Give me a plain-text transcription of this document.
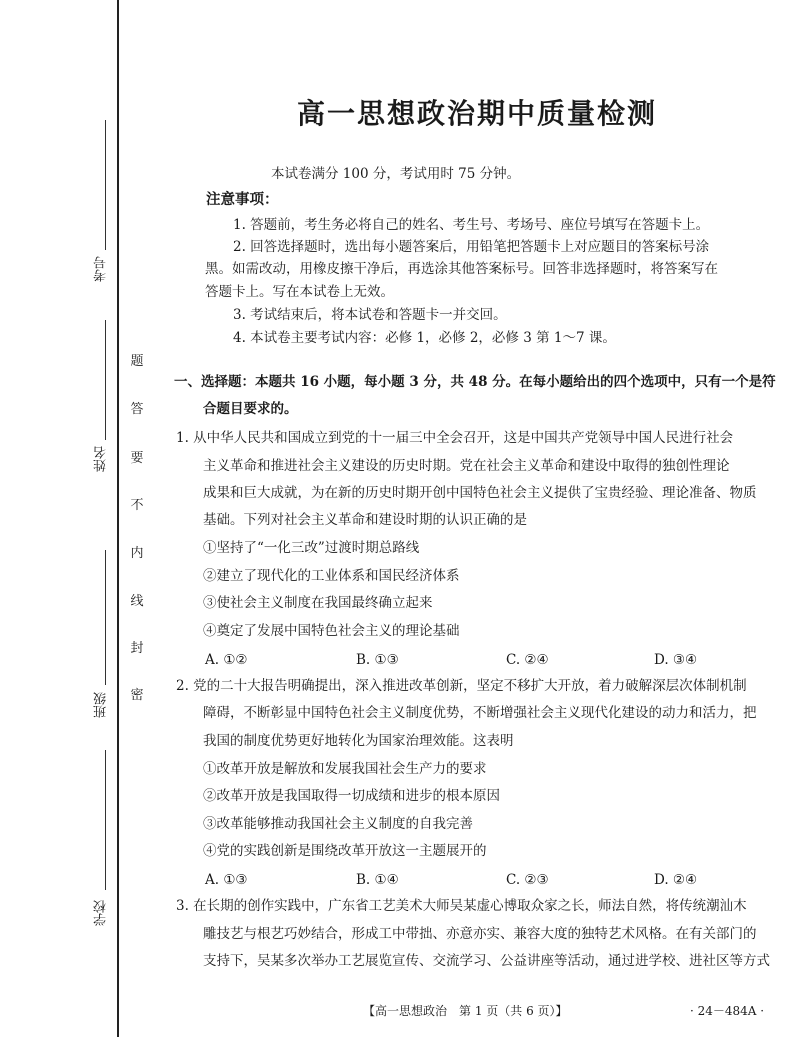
考号
姓名
班级
学校
题
答
要
不
内
线
封
密
高一思想政治期中质量检测
本试卷满分 100 分，考试用时 75 分钟。
注意事项：
1. 答题前，考生务必将自己的姓名、考生号、考场号、座位号填写在答题卡上。
2. 回答选择题时，选出每小题答案后，用铅笔把答题卡上对应题目的答案标号涂
黑。如需改动，用橡皮擦干净后，再选涂其他答案标号。回答非选择题时，将答案写在
答题卡上。写在本试卷上无效。
3. 考试结束后，将本试卷和答题卡一并交回。
4. 本试卷主要考试内容：必修 1，必修 2，必修 3 第 1～7 课。
一、选择题：本题共 16 小题，每小题 3 分，共 48 分。在每小题给出的四个选项中，只有一个是符
合题目要求的。
1. 从中华人民共和国成立到党的十一届三中全会召开，这是中国共产党领导中国人民进行社会
主义革命和推进社会主义建设的历史时期。党在社会主义革命和建设中取得的独创性理论
成果和巨大成就，为在新的历史时期开创中国特色社会主义提供了宝贵经验、理论准备、物质
基础。下列对社会主义革命和建设时期的认识正确的是
①坚持了“一化三改”过渡时期总路线
②建立了现代化的工业体系和国民经济体系
③使社会主义制度在我国最终确立起来
④奠定了发展中国特色社会主义的理论基础
A. ①②	B. ①③	C. ②④	D. ③④
2. 党的二十大报告明确提出，深入推进改革创新，坚定不移扩大开放，着力破解深层次体制机制
障碍，不断彰显中国特色社会主义制度优势，不断增强社会主义现代化建设的动力和活力，把
我国的制度优势更好地转化为国家治理效能。这表明
①改革开放是解放和发展我国社会生产力的要求
②改革开放是我国取得一切成绩和进步的根本原因
③改革能够推动我国社会主义制度的自我完善
④党的实践创新是围绕改革开放这一主题展开的
A. ①③	B. ①④	C. ②③	D. ②④
3. 在长期的创作实践中，广东省工艺美术大师吴某虚心博取众家之长，师法自然，将传统潮汕木
雕技艺与根艺巧妙结合，形成工中带拙、亦意亦实、兼容大度的独特艺术风格。在有关部门的
支持下，吴某多次举办工艺展览宣传、交流学习、公益讲座等活动，通过进学校、进社区等方式
【高一思想政治　第 1 页（共 6 页）】	· 24－484A ·
